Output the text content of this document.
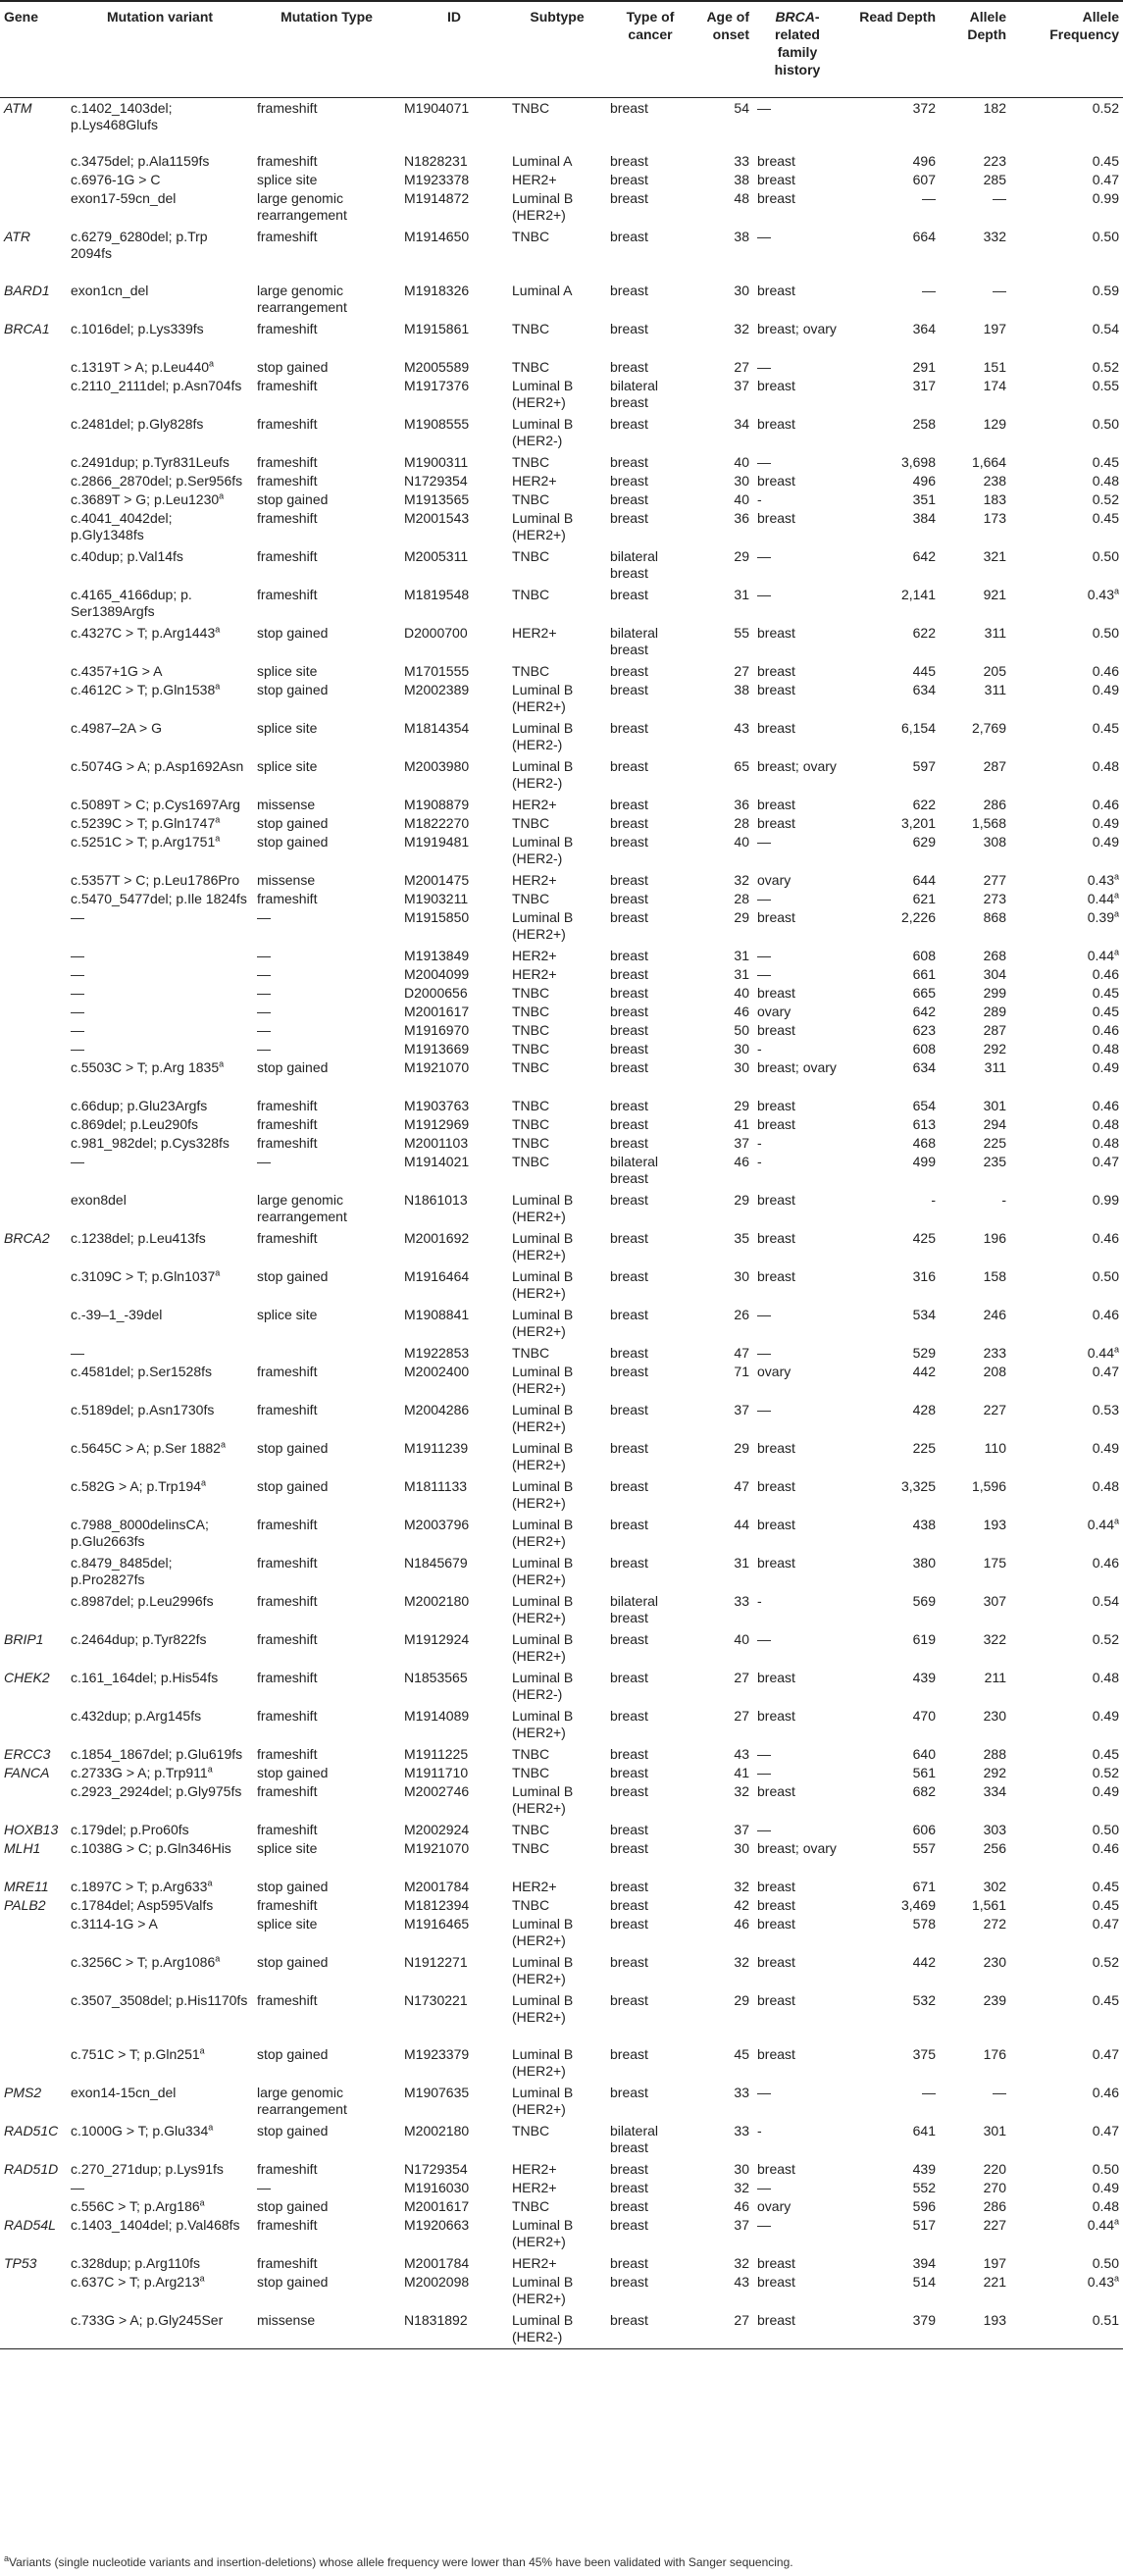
Gene	Mutation variant	Mutation Type	ID	Subtype	Type of cancer	Age of onset	BRCA-related family history	Read Depth	Allele Depth	Allele Frequency
ATM	c.1402_1403del; p.Lys468Glufs	frameshift	M1904071	TNBC	breast	54	—	372	182	0.52
	c.3475del; p.Ala1159fs	frameshift	N1828231	Luminal A	breast	33	breast	496	223	0.45
	c.6976-1G > C	splice site	M1923378	HER2+	breast	38	breast	607	285	0.47
	exon17-59cn_del	large genomic rearrangement	M1914872	Luminal B (HER2+)	breast	48	breast	—	—	0.99
ATR	c.6279_6280del; p.Trp 2094fs	frameshift	M1914650	TNBC	breast	38	—	664	332	0.50
BARD1	exon1cn_del	large genomic rearrangement	M1918326	Luminal A	breast	30	breast	—	—	0.59
BRCA1	c.1016del; p.Lys339fs	frameshift	M1915861	TNBC	breast	32	breast; ovary	364	197	0.54
	c.1319T > A; p.Leu440$^a$	stop gained	M2005589	TNBC	breast	27	—	291	151	0.52
	c.2110_2111del; p.Asn704fs	frameshift	M1917376	Luminal B (HER2+)	bilateral breast	37	breast	317	174	0.55
	c.2481del; p.Gly828fs	frameshift	M1908555	Luminal B (HER2-)	breast	34	breast	258	129	0.50
	c.2491dup; p.Tyr831Leufs	frameshift	M1900311	TNBC	breast	40	—	3,698	1,664	0.45
	c.2866_2870del; p.Ser956fs	frameshift	N1729354	HER2+	breast	30	breast	496	238	0.48
	c.3689T > G; p.Leu1230$^a$	stop gained	M1913565	TNBC	breast	40	-	351	183	0.52
	c.4041_4042del; p.Gly1348fs	frameshift	M2001543	Luminal B (HER2+)	breast	36	breast	384	173	0.45
	c.40dup; p.Val14fs	frameshift	M2005311	TNBC	bilateral breast	29	—	642	321	0.50
	c.4165_4166dup; p. Ser1389Argfs	frameshift	M1819548	TNBC	breast	31	—	2,141	921	0.43$^a$
	c.4327C > T; p.Arg1443$^a$	stop gained	D2000700	HER2+	bilateral breast	55	breast	622	311	0.50
	c.4357+1G > A	splice site	M1701555	TNBC	breast	27	breast	445	205	0.46
	c.4612C > T; p.Gln1538$^a$	stop gained	M2002389	Luminal B (HER2+)	breast	38	breast	634	311	0.49
	c.4987–2A > G	splice site	M1814354	Luminal B (HER2-)	breast	43	breast	6,154	2,769	0.45
	c.5074G > A; p.Asp1692Asn	splice site	M2003980	Luminal B (HER2-)	breast	65	breast; ovary	597	287	0.48
	c.5089T > C; p.Cys1697Arg	missense	M1908879	HER2+	breast	36	breast	622	286	0.46
	c.5239C > T; p.Gln1747$^a$	stop gained	M1822270	TNBC	breast	28	breast	3,201	1,568	0.49
	c.5251C > T; p.Arg1751$^a$	stop gained	M1919481	Luminal B (HER2-)	breast	40	—	629	308	0.49
	c.5357T > C; p.Leu1786Pro	missense	M2001475	HER2+	breast	32	ovary	644	277	0.43$^a$
	c.5470_5477del; p.Ile 1824fs	frameshift	M1903211	TNBC	breast	28	—	621	273	0.44$^a$
	—	—	M1915850	Luminal B (HER2+)	breast	29	breast	2,226	868	0.39$^a$
	—	—	M1913849	HER2+	breast	31	—	608	268	0.44$^a$
	—	—	M2004099	HER2+	breast	31	—	661	304	0.46
	—	—	D2000656	TNBC	breast	40	breast	665	299	0.45
	—	—	M2001617	TNBC	breast	46	ovary	642	289	0.45
	—	—	M1916970	TNBC	breast	50	breast	623	287	0.46
	—	—	M1913669	TNBC	breast	30	-	608	292	0.48
	c.5503C > T; p.Arg 1835$^a$	stop gained	M1921070	TNBC	breast	30	breast; ovary	634	311	0.49
	c.66dup; p.Glu23Argfs	frameshift	M1903763	TNBC	breast	29	breast	654	301	0.46
	c.869del; p.Leu290fs	frameshift	M1912969	TNBC	breast	41	breast	613	294	0.48
	c.981_982del; p.Cys328fs	frameshift	M2001103	TNBC	breast	37	-	468	225	0.48
	—	—	M1914021	TNBC	bilateral breast	46	-	499	235	0.47
	exon8del	large genomic rearrangement	N1861013	Luminal B (HER2+)	breast	29	breast	-	-	0.99
BRCA2	c.1238del; p.Leu413fs	frameshift	M2001692	Luminal B (HER2+)	breast	35	breast	425	196	0.46
	c.3109C > T; p.Gln1037$^a$	stop gained	M1916464	Luminal B (HER2+)	breast	30	breast	316	158	0.50
	c.-39–1_-39del	splice site	M1908841	Luminal B (HER2+)	breast	26	—	534	246	0.46
	—		M1922853	TNBC	breast	47	—	529	233	0.44$^a$
	c.4581del; p.Ser1528fs	frameshift	M2002400	Luminal B (HER2+)	breast	71	ovary	442	208	0.47
	c.5189del; p.Asn1730fs	frameshift	M2004286	Luminal B (HER2+)	breast	37	—	428	227	0.53
	c.5645C > A; p.Ser 1882$^a$	stop gained	M1911239	Luminal B (HER2+)	breast	29	breast	225	110	0.49
	c.582G > A; p.Trp194$^a$	stop gained	M1811133	Luminal B (HER2+)	breast	47	breast	3,325	1,596	0.48
	c.7988_8000delinsCA; p.Glu2663fs	frameshift	M2003796	Luminal B (HER2+)	breast	44	breast	438	193	0.44$^a$
	c.8479_8485del; p.Pro2827fs	frameshift	N1845679	Luminal B (HER2+)	breast	31	breast	380	175	0.46
	c.8987del; p.Leu2996fs	frameshift	M2002180	Luminal B (HER2+)	bilateral breast	33	-	569	307	0.54
BRIP1	c.2464dup; p.Tyr822fs	frameshift	M1912924	Luminal B (HER2+)	breast	40	—	619	322	0.52
CHEK2	c.161_164del; p.His54fs	frameshift	N1853565	Luminal B (HER2-)	breast	27	breast	439	211	0.48
	c.432dup; p.Arg145fs	frameshift	M1914089	Luminal B (HER2+)	breast	27	breast	470	230	0.49
ERCC3	c.1854_1867del; p.Glu619fs	frameshift	M1911225	TNBC	breast	43	—	640	288	0.45
FANCA	c.2733G > A; p.Trp911$^a$	stop gained	M1911710	TNBC	breast	41	—	561	292	0.52
	c.2923_2924del; p.Gly975fs	frameshift	M2002746	Luminal B (HER2+)	breast	32	breast	682	334	0.49
HOXB13	c.179del; p.Pro60fs	frameshift	M2002924	TNBC	breast	37	—	606	303	0.50
MLH1	c.1038G > C; p.Gln346His	splice site	M1921070	TNBC	breast	30	breast; ovary	557	256	0.46
MRE11	c.1897C > T; p.Arg633$^a$	stop gained	M2001784	HER2+	breast	32	breast	671	302	0.45
PALB2	c.1784del; Asp595Valfs	frameshift	M1812394	TNBC	breast	42	breast	3,469	1,561	0.45
	c.3114-1G > A	splice site	M1916465	Luminal B (HER2+)	breast	46	breast	578	272	0.47
	c.3256C > T; p.Arg1086$^a$	stop gained	N1912271	Luminal B (HER2+)	breast	32	breast	442	230	0.52
	c.3507_3508del; p.His1170fs	frameshift	N1730221	Luminal B (HER2+)	breast	29	breast	532	239	0.45
	c.751C > T; p.Gln251$^a$	stop gained	M1923379	Luminal B (HER2+)	breast	45	breast	375	176	0.47
PMS2	exon14-15cn_del	large genomic rearrangement	M1907635	Luminal B (HER2+)	breast	33	—	—	—	0.46
RAD51C	c.1000G > T; p.Glu334$^a$	stop gained	M2002180	TNBC	bilateral breast	33	-	641	301	0.47
RAD51D	c.270_271dup; p.Lys91fs	frameshift	N1729354	HER2+	breast	30	breast	439	220	0.50
	—	—	M1916030	HER2+	breast	32	—	552	270	0.49
	c.556C > T; p.Arg186$^a$	stop gained	M2001617	TNBC	breast	46	ovary	596	286	0.48
RAD54L	c.1403_1404del; p.Val468fs	frameshift	M1920663	Luminal B (HER2+)	breast	37	—	517	227	0.44$^a$
TP53	c.328dup; p.Arg110fs	frameshift	M2001784	HER2+	breast	32	breast	394	197	0.50
	c.637C > T; p.Arg213$^a$	stop gained	M2002098	Luminal B (HER2+)	breast	43	breast	514	221	0.43$^a$
	c.733G > A; p.Gly245Ser	missense	N1831892	Luminal B (HER2-)	breast	27	breast	379	193	0.51
$^a$Variants (single nucleotide variants and insertion-deletions) whose allele frequency were lower than 45% have been validated with Sanger sequencing.
